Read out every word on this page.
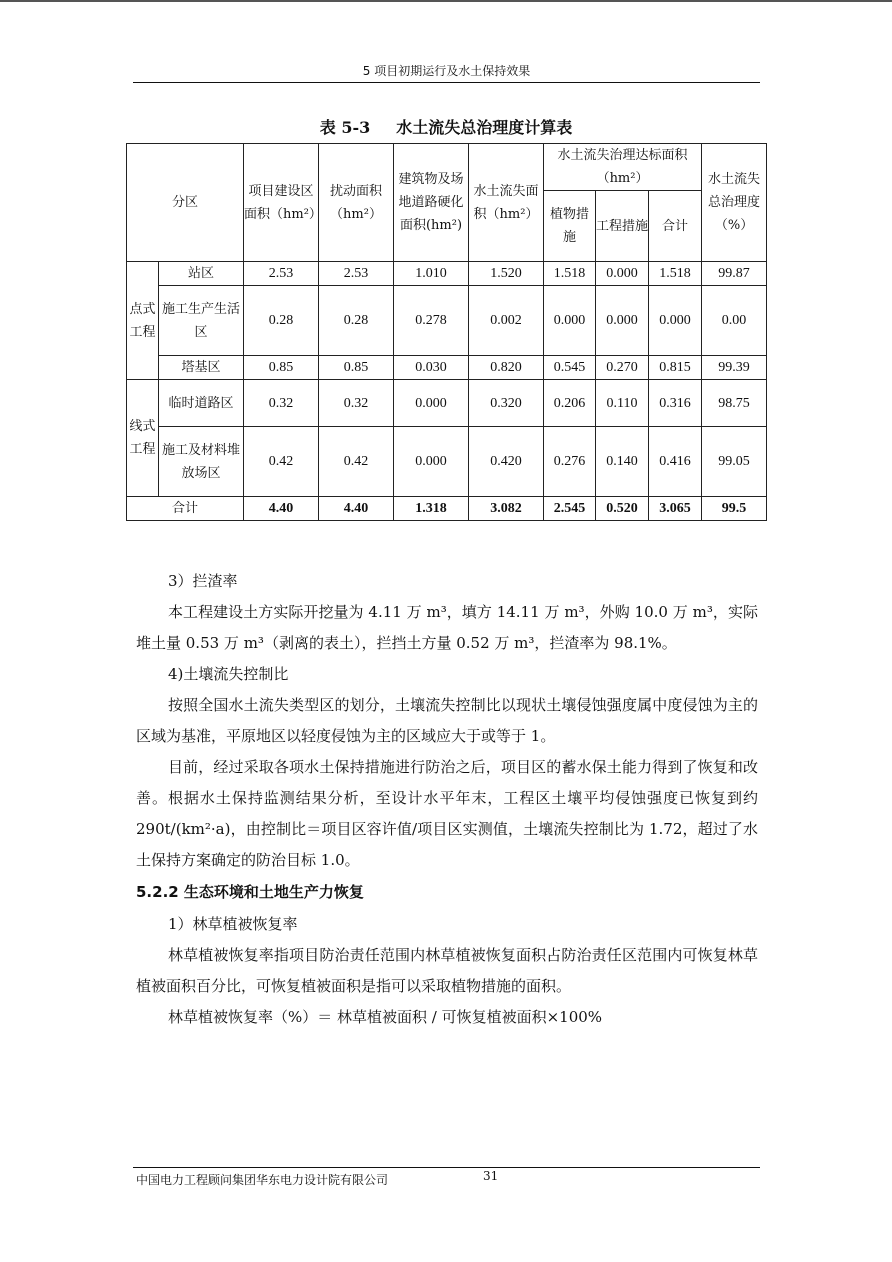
5 项目初期运行及水土保持效果
表 5-3 水土流失总治理度计算表
分区		项目建设区面积（hm²）	扰动面积（hm²）	建筑物及场地道路硬化面积(hm²)	水土流失面积（hm²）	水土流失治理达标面积（hm²）			水土流失总治理度（%）
						植物措施	工程措施	合计	
点式工程	站区	2.53	2.53	1.010	1.520	1.518	0.000	1.518	99.87
	施工生产生活区	0.28	0.28	0.278	0.002	0.000	0.000	0.000	0.00
	塔基区	0.85	0.85	0.030	0.820	0.545	0.270	0.815	99.39
线式工程	临时道路区	0.32	0.32	0.000	0.320	0.206	0.110	0.316	98.75
	施工及材料堆放场区	0.42	0.42	0.000	0.420	0.276	0.140	0.416	99.05
合计		4.40	4.40	1.318	3.082	2.545	0.520	3.065	99.5

3）拦渣率

本工程建设土方实际开挖量为 4.11 万 m³，填方 14.11 万 m³，外购 10.0 万 m³，实际堆土量 0.53 万 m³（剥离的表土），拦挡土方量 0.52 万 m³，拦渣率为 98.1%。

4)土壤流失控制比

按照全国水土流失类型区的划分，土壤流失控制比以现状土壤侵蚀强度属中度侵蚀为主的区域为基准，平原地区以轻度侵蚀为主的区域应大于或等于 1。

目前，经过采取各项水土保持措施进行防治之后，项目区的蓄水保土能力得到了恢复和改善。根据水土保持监测结果分析，至设计水平年末，工程区土壤平均侵蚀强度已恢复到约 290t/(km²·a)，由控制比＝项目区容许值/项目区实测值，土壤流失控制比为 1.72，超过了水土保持方案确定的防治目标 1.0。

5.2.2 生态环境和土地生产力恢复

1）林草植被恢复率

林草植被恢复率指项目防治责任范围内林草植被恢复面积占防治责任区范围内可恢复林草植被面积百分比，可恢复植被面积是指可以采取植物措施的面积。

林草植被恢复率（%）＝ 林草植被面积 / 可恢复植被面积×100%

中国电力工程顾问集团华东电力设计院有限公司	31
